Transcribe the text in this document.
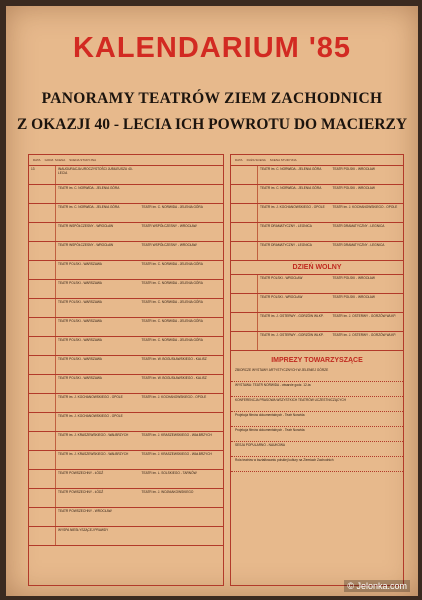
KALENDARIUM '85
PANORAMY TEATRÓW ZIEM ZACHODNICH
Z OKAZJI 40 - LECIA ICH POWROTU DO MACIERZY
DATA	GODZ. SCENA	SCENA STUDYJNA
13	INAUGURACJA UROCZYSTOŚCI JUBILEUSZU 40-LECIA
TEATR im. C. NORWIDA - JELENIA GÓRA
TEATR im. C. NORWIDA - JELENIA GÓRA	TEATR im. C. NORWIDA - JELENIA GÓRA
TEATR WSPÓŁCZESNY - WROCŁAW	TEATR WSPÓŁCZESNY - WROCŁAW
TEATR WSPÓŁCZESNY - WROCŁAW	TEATR WSPÓŁCZESNY - WROCŁAW
TEATR POLSKI - WARSZAWA	TEATR im. C. NORWIDA - JELENIA GÓRA
TEATR POLSKI - WARSZAWA	TEATR im. C. NORWIDA - JELENIA GÓRA
TEATR POLSKI - WARSZAWA	TEATR im. C. NORWIDA - JELENIA GÓRA
TEATR POLSKI - WARSZAWA	TEATR im. C. NORWIDA - JELENIA GÓRA
TEATR POLSKI - WARSZAWA	TEATR im. C. NORWIDA - JELENIA GÓRA
TEATR POLSKI - WARSZAWA	TEATR im. W. BOGUSŁAWSKIEGO - KALISZ
TEATR POLSKI - WARSZAWA	TEATR im. W. BOGUSŁAWSKIEGO - KALISZ
TEATR im. J. KOCHANOWSKIEGO - OPOLE	TEATR im. J. KOCHANOWSKIEGO - OPOLE
TEATR im. J. KOCHANOWSKIEGO - OPOLE
TEATR im. J. KRASZEWSKIEGO - WAŁBRZYCH	TEATR im. J. KRASZEWSKIEGO - WAŁBRZYCH
TEATR im. J. KRASZEWSKIEGO - WAŁBRZYCH	TEATR im. J. KRASZEWSKIEGO - WAŁBRZYCH
TEATR POWSZECHNY - ŁÓDŹ	TEATR im. L. SOLSKIEGO - TARNÓW
TEATR POWSZECHNY - ŁÓDŹ	TEATR im. J. WOJNIAKOWSKIEGO
TEATR POWSZECHNY - WROCŁAW
WYSPA NIESŁYSZĄCEJ PRAWDY
DATA	DUŻA SCENA	SCENA STUDYJNA
TEATR im. C. NORWIDA - JELENIA GÓRA	TEATR POLSKI - WROCŁAW
TEATR im. C. NORWIDA - JELENIA GÓRA	TEATR POLSKI - WROCŁAW
TEATR im. J. KOCHANOWSKIEGO - OPOLE	TEATR im. J. KOCHANOWSKIEGO - OPOLE
TEATR DRAMATYCZNY - LEGNICA	TEATR DRAMATYCZNY - LEGNICA
TEATR DRAMATYCZNY - LEGNICA	TEATR DRAMATYCZNY - LEGNICA
DZIEŃ WOLNY
TEATR POLSKI - WROCŁAW	TEATR POLSKI - WROCŁAW
TEATR POLSKI - WROCŁAW	TEATR POLSKI - WROCŁAW
TEATR im. J. OSTERWY - GORZÓW WLKP.	TEATR im. J. OSTERWY - GORZÓW WLKP.
TEATR im. J. OSTERWY - GORZÓW WLKP.	TEATR im. J. OSTERWY - GORZÓW WLKP.
IMPREZY TOWARZYSZĄCE
ZBIORCZE WYSTAWY ARTYSTYCZNYCH W JELENIEJ GÓRZE
WYSTAWA: TEATR NORWIDA - otwarcie godz. 12-ta
KONFERENCJA PRASOWA WSZYSTKICH TEATRÓW UCZESTNICZĄCYCH
Projekcja filmów dokumentalnych - Teatr Norwida
Projekcja filmów dokumentalnych - Teatr Norwida
SESJA POPULARNO - NAUKOWA
Rola teatrów w kształtowaniu polskiej kultury na Ziemiach Zachodnich
© Jelonka.com
